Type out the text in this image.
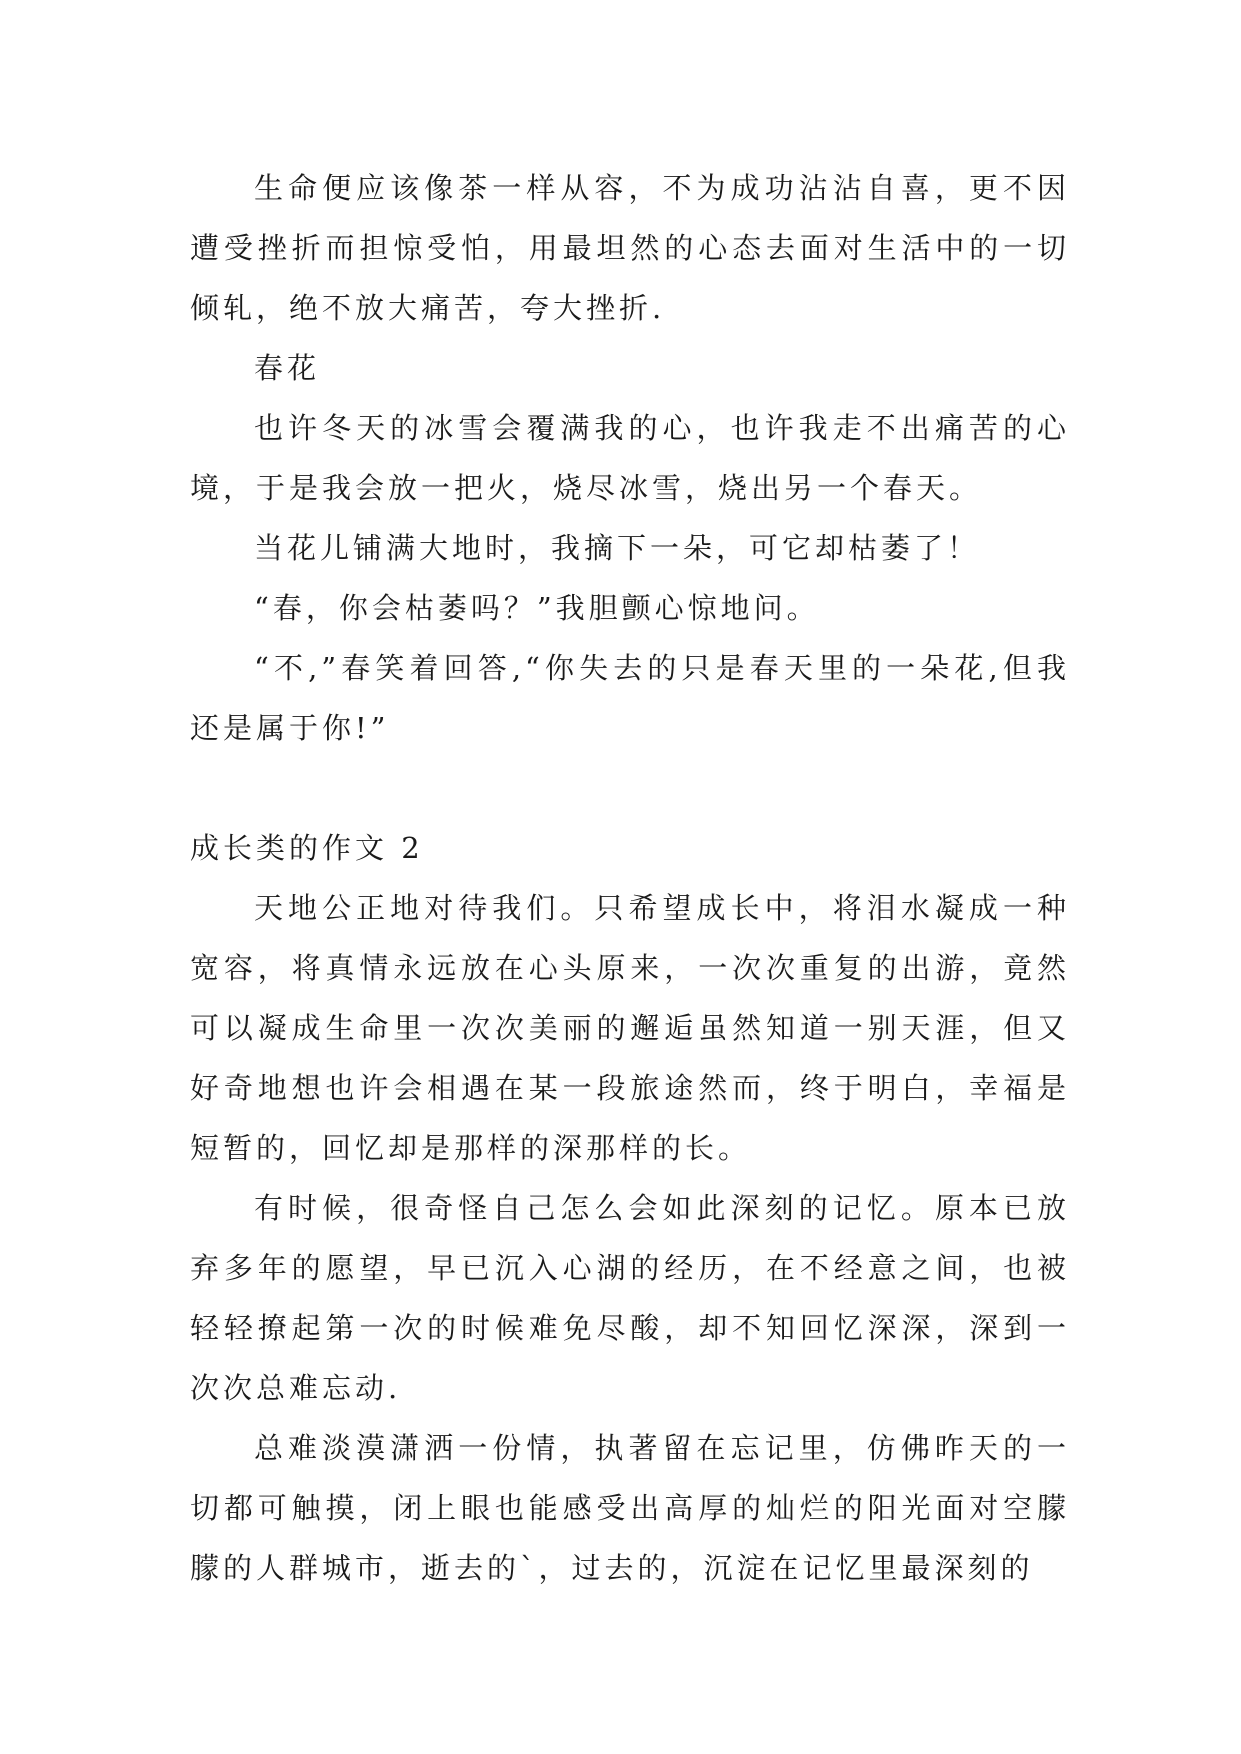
生命便应该像茶一样从容，不为成功沾沾自喜，更不因遭受挫折而担惊受怕，用最坦然的心态去面对生活中的一切倾轧，绝不放大痛苦，夸大挫折.

春花

也许冬天的冰雪会覆满我的心，也许我走不出痛苦的心境，于是我会放一把火，烧尽冰雪，烧出另一个春天。

当花儿铺满大地时，我摘下一朵，可它却枯萎了！

“春，你会枯萎吗？”我胆颤心惊地问。

“不,”春笑着回答,“你失去的只是春天里的一朵花,但我还是属于你!”

成长类的作文 2

天地公正地对待我们。只希望成长中，将泪水凝成一种宽容，将真情永远放在心头原来，一次次重复的出游，竟然可以凝成生命里一次次美丽的邂逅虽然知道一别天涯，但又好奇地想也许会相遇在某一段旅途然而，终于明白，幸福是短暂的，回忆却是那样的深那样的长。

有时候，很奇怪自己怎么会如此深刻的记忆。原本已放弃多年的愿望，早已沉入心湖的经历，在不经意之间，也被轻轻撩起第一次的时候难免尽酸，却不知回忆深深，深到一次次总难忘动.

总难淡漠潇洒一份情，执著留在忘记里，仿佛昨天的一切都可触摸，闭上眼也能感受出高厚的灿烂的阳光面对空朦朦的人群城市，逝去的`，过去的，沉淀在记忆里最深刻的
